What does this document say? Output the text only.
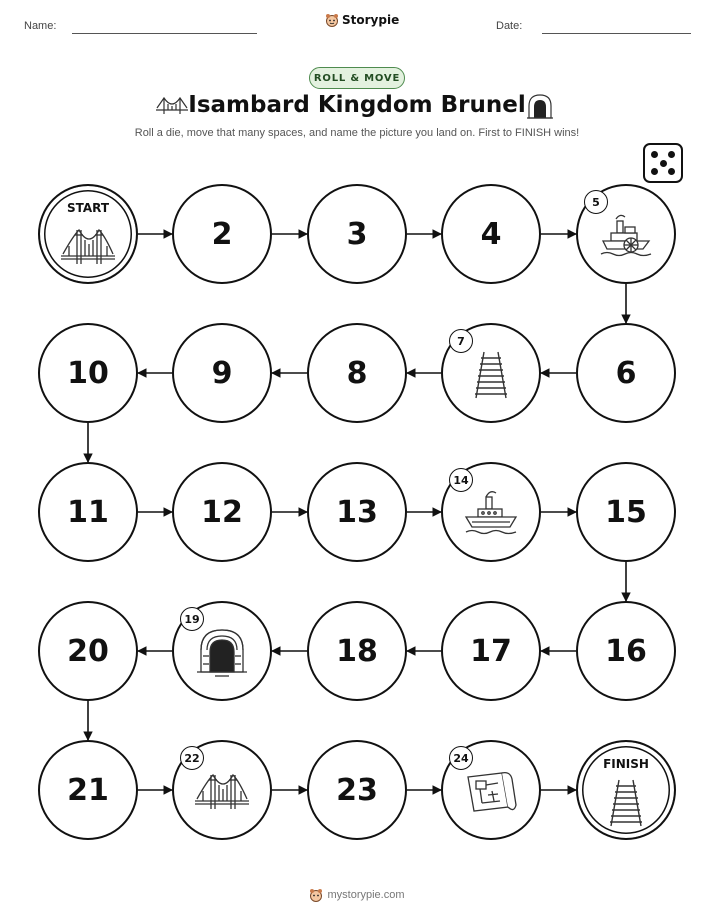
Name:	Storypie	Date:
ROLL & MOVE
Isambard Kingdom Brunel
Roll a die, move that many spaces, and name the picture you land on. First to FINISH wins!
START
2	3	4
5
6
7
8
9
10
11	12	13
14
15
16
17
18
19
20
21
22
23
24	FINISH
mystorypie.com
